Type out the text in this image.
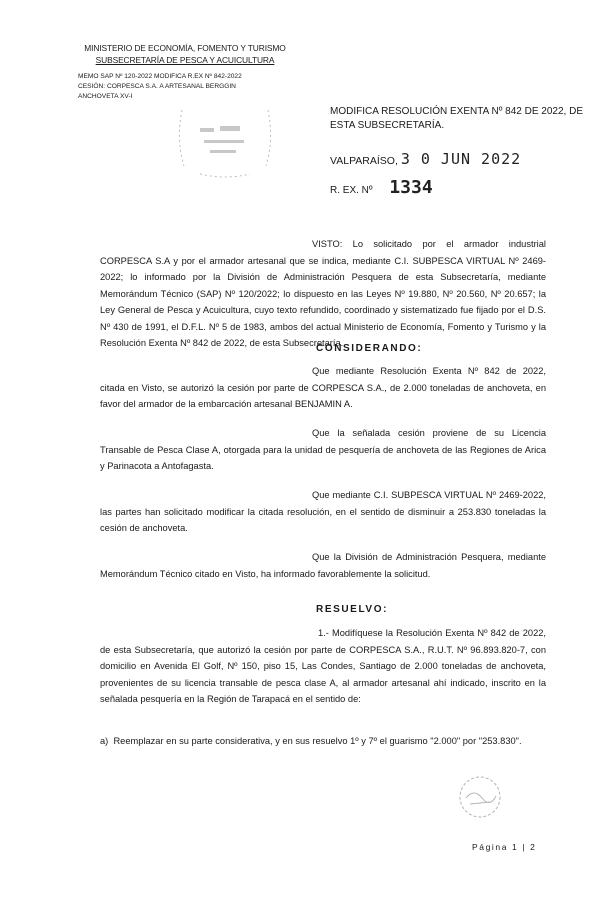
MINISTERIO DE ECONOMÍA, FOMENTO Y TURISMO
SUBSECRETARÍA DE PESCA Y ACUICULTURA
MEMO SAP Nº 120-2022 MODIFICA R.EX Nº 842-2022
CESIÓN: CORPESCA S.A. A ARTESANAL BERGGIN
ANCHOVETA XV-I
MODIFICA RESOLUCIÓN EXENTA Nº 842 DE 2022, DE
ESTA SUBSECRETARÍA.
VALPARAÍSO, 3 0 JUN 2022
R. EX. Nº 1334
VISTO: Lo solicitado por el armador industrial CORPESCA S.A y por el armador artesanal que se indica, mediante C.I. SUBPESCA VIRTUAL Nº 2469-2022; lo informado por la División de Administración Pesquera de esta Subsecretaría, mediante Memorándum Técnico (SAP) Nº 120/2022; lo dispuesto en las Leyes Nº 19.880, Nº 20.560, Nº 20.657; la Ley General de Pesca y Acuicultura, cuyo texto refundido, coordinado y sistematizado fue fijado por el D.S. Nº 430 de 1991, el D.F.L. Nº 5 de 1983, ambos del actual Ministerio de Economía, Fomento y Turismo y la Resolución Exenta Nº 842 de 2022, de esta Subsecretaría.
CONSIDERANDO:
Que mediante Resolución Exenta Nº 842 de 2022, citada en Visto, se autorizó la cesión por parte de CORPESCA S.A., de 2.000 toneladas de anchoveta, en favor del armador de la embarcación artesanal BENJAMIN A.
Que la señalada cesión proviene de su Licencia Transable de Pesca Clase A, otorgada para la unidad de pesquería de anchoveta de las Regiones de Arica y Parinacota a Antofagasta.
Que mediante C.I. SUBPESCA VIRTUAL Nº 2469-2022, las partes han solicitado modificar la citada resolución, en el sentido de disminuir a 253.830 toneladas la cesión de anchoveta.
Que la División de Administración Pesquera, mediante Memorándum Técnico citado en Visto, ha informado favorablemente la solicitud.
RESUELVO:
1.- Modifíquese la Resolución Exenta Nº 842 de 2022, de esta Subsecretaría, que autorizó la cesión por parte de CORPESCA S.A., R.U.T. Nº 96.893.820-7, con domicilio en Avenida El Golf, Nº 150, piso 15, Las Condes, Santiago de 2.000 toneladas de anchoveta, provenientes de su licencia transable de pesca clase A, al armador artesanal ahí indicado, inscrito en la señalada pesquería en la Región de Tarapacá en el sentido de:
a) Reemplazar en su parte considerativa, y en sus resuelvo 1º y 7º el guarismo "2.000" por "253.830".
Página 1 | 2
